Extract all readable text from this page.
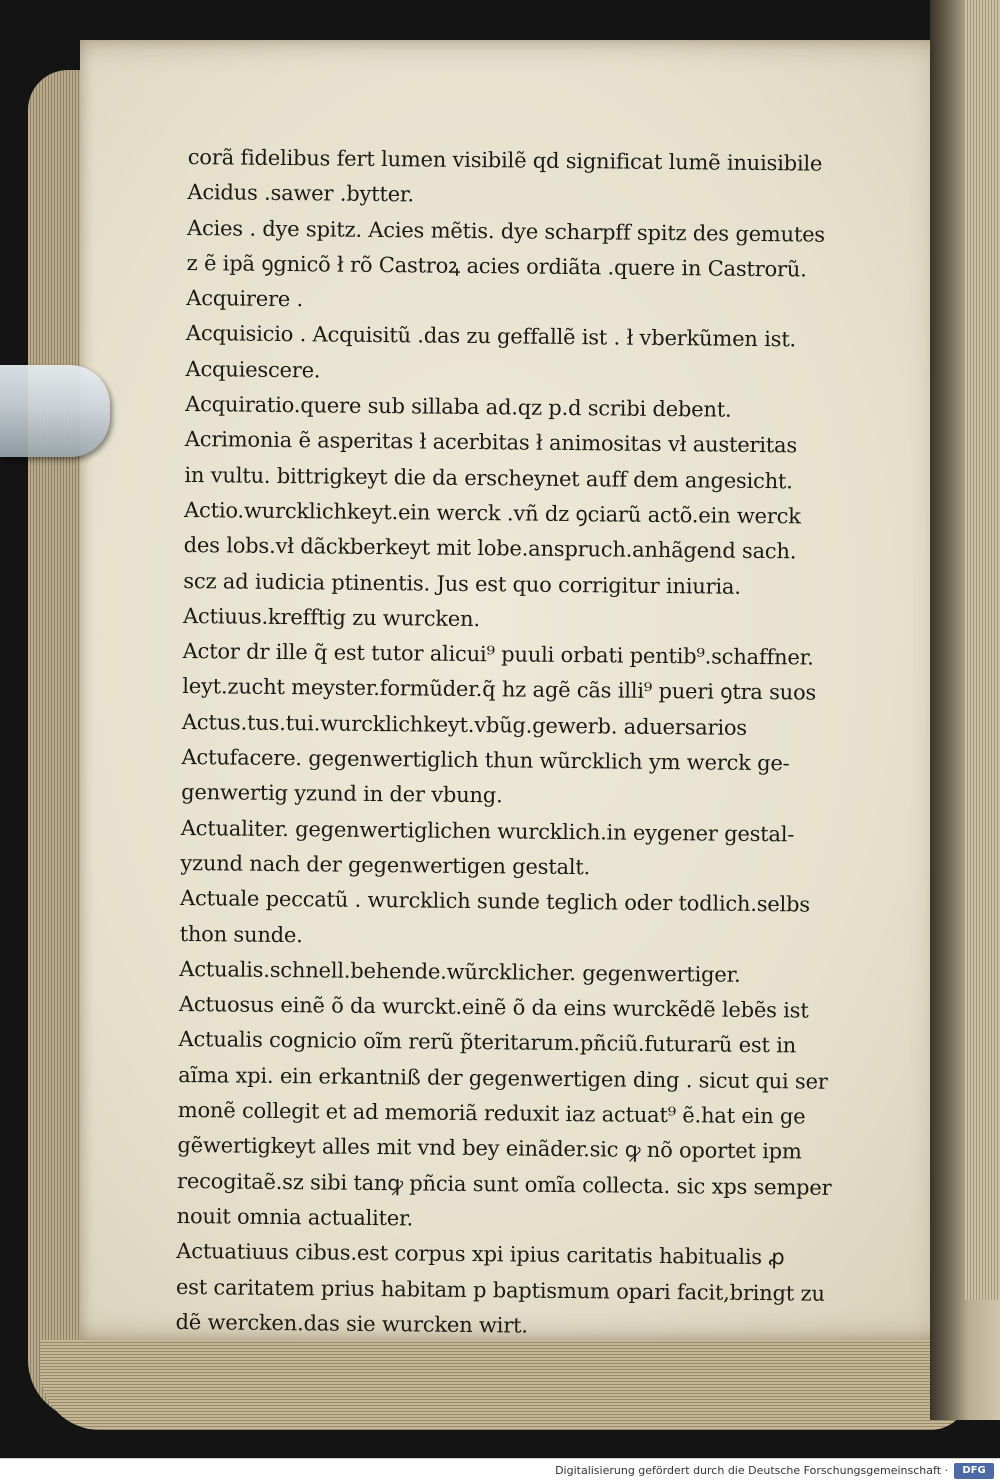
corã fidelibus fert lumen visibilẽ qd significat lumẽ inuisibile
Acidus .sawer .bytter.
Acies . dye spitz. Acies mẽtis. dye scharpff spitz des gemutes
z ẽ ipã ꝯgnicõ ł rõ Castroꝝ acies ordiãta .quere in Castrorũ.
Acquirere .
Acquisicio . Acquisitũ .das zu geffallẽ ist . ł vberkũmen ist.
Acquiescere.
Acquiratio.quere sub sillaba ad.qz p.d scribi debent.
Acrimonia ẽ asperitas ł acerbitas ł animositas vł austeritas
in vultu. bittrigkeyt die da erscheynet auff dem angesicht.
Actio.wurcklichkeyt.ein werck .vñ dz ꝯciarũ actõ.ein werck
des lobs.vł dãckberkeyt mit lobe.anspruch.anhãgend sach.
scz ad iudicia ptinentis. Jus est quo corrigitur iniuria.
Actiuus.krefftig zu wurcken.
Actor dr ille q̃ est tutor alicui⁹ puuli orbati pentib⁹.schaffner.
leyt.zucht meyster.formũder.q̃ hz agẽ cãs illi⁹ pueri ꝯtra suos
Actus.tus.tui.wurcklichkeyt.vbũg.gewerb. aduersarios
Actufacere. gegenwertiglich thun wũrcklich ym werck ge-
genwertig yzund in der vbung.
Actualiter. gegenwertiglichen wurcklich.in eygener gestal-
yzund nach der gegenwertigen gestalt.
Actuale peccatũ . wurcklich sunde teglich oder todlich.selbs
thon sunde.
Actualis.schnell.behende.wũrcklicher. gegenwertiger.
Actuosus einẽ õ da wurckt.einẽ õ da eins wurckẽdẽ lebẽs ist
Actualis cognicio oĩm rerũ p̃teritarum.pñciũ.futurarũ est in
aĩma xpi. ein erkantniß der gegenwertigen ding . sicut qui ser
monẽ collegit et ad memoriã reduxit iaz actuat⁹ ẽ.hat ein ge
gẽwertigkeyt alles mit vnd bey einãder.sic ꝙ nõ oportet ipm
recogitaẽ.sz sibi tanꝙ pñcia sunt omĩa collecta. sic xps semper
nouit omnia actualiter.
Actuatiuus cibus.est corpus xpi ipius caritatis habitualis ꝓ
est caritatem prius habitam p baptismum opari facit,bringt zu
dẽ wercken.das sie wurcken wirt.
Digitalisierung gefördert durch die Deutsche Forschungsgemeinschaft ·	DFG
